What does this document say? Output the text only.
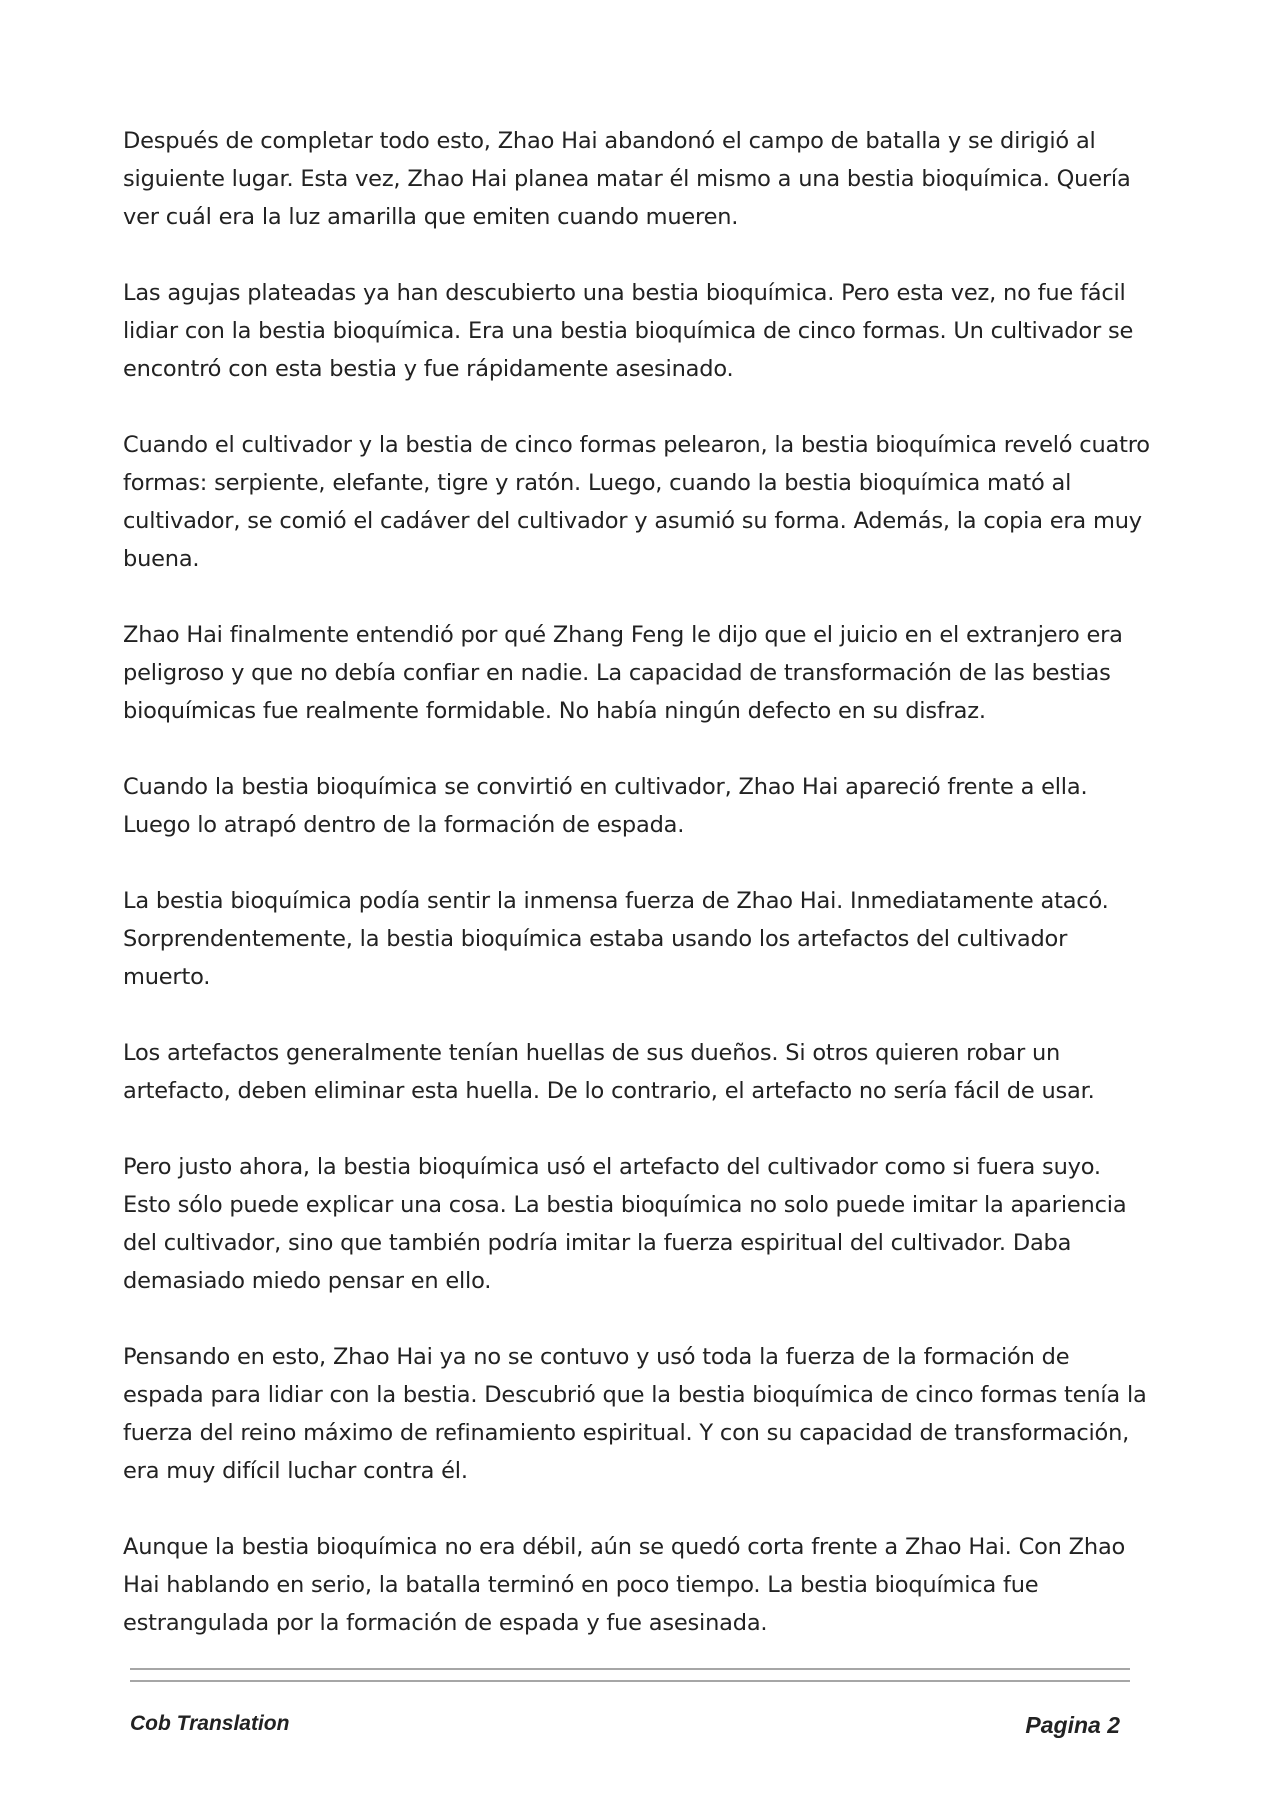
Después de completar todo esto, Zhao Hai abandonó el campo de batalla y se dirigió al siguiente lugar. Esta vez, Zhao Hai planea matar él mismo a una bestia bioquímica. Quería ver cuál era la luz amarilla que emiten cuando mueren.

Las agujas plateadas ya han descubierto una bestia bioquímica. Pero esta vez, no fue fácil lidiar con la bestia bioquímica. Era una bestia bioquímica de cinco formas. Un cultivador se encontró con esta bestia y fue rápidamente asesinado.

Cuando el cultivador y la bestia de cinco formas pelearon, la bestia bioquímica reveló cuatro formas: serpiente, elefante, tigre y ratón. Luego, cuando la bestia bioquímica mató al cultivador, se comió el cadáver del cultivador y asumió su forma. Además, la copia era muy buena.

Zhao Hai finalmente entendió por qué Zhang Feng le dijo que el juicio en el extranjero era peligroso y que no debía confiar en nadie. La capacidad de transformación de las bestias bioquímicas fue realmente formidable. No había ningún defecto en su disfraz.

Cuando la bestia bioquímica se convirtió en cultivador, Zhao Hai apareció frente a ella. Luego lo atrapó dentro de la formación de espada.

La bestia bioquímica podía sentir la inmensa fuerza de Zhao Hai. Inmediatamente atacó. Sorprendentemente, la bestia bioquímica estaba usando los artefactos del cultivador muerto.

Los artefactos generalmente tenían huellas de sus dueños. Si otros quieren robar un artefacto, deben eliminar esta huella. De lo contrario, el artefacto no sería fácil de usar.

Pero justo ahora, la bestia bioquímica usó el artefacto del cultivador como si fuera suyo. Esto sólo puede explicar una cosa. La bestia bioquímica no solo puede imitar la apariencia del cultivador, sino que también podría imitar la fuerza espiritual del cultivador. Daba demasiado miedo pensar en ello.

Pensando en esto, Zhao Hai ya no se contuvo y usó toda la fuerza de la formación de espada para lidiar con la bestia. Descubrió que la bestia bioquímica de cinco formas tenía la fuerza del reino máximo de refinamiento espiritual. Y con su capacidad de transformación, era muy difícil luchar contra él.

Aunque la bestia bioquímica no era débil, aún se quedó corta frente a Zhao Hai. Con Zhao Hai hablando en serio, la batalla terminó en poco tiempo. La bestia bioquímica fue estrangulada por la formación de espada y fue asesinada.

Cob Translation	Pagina 2
